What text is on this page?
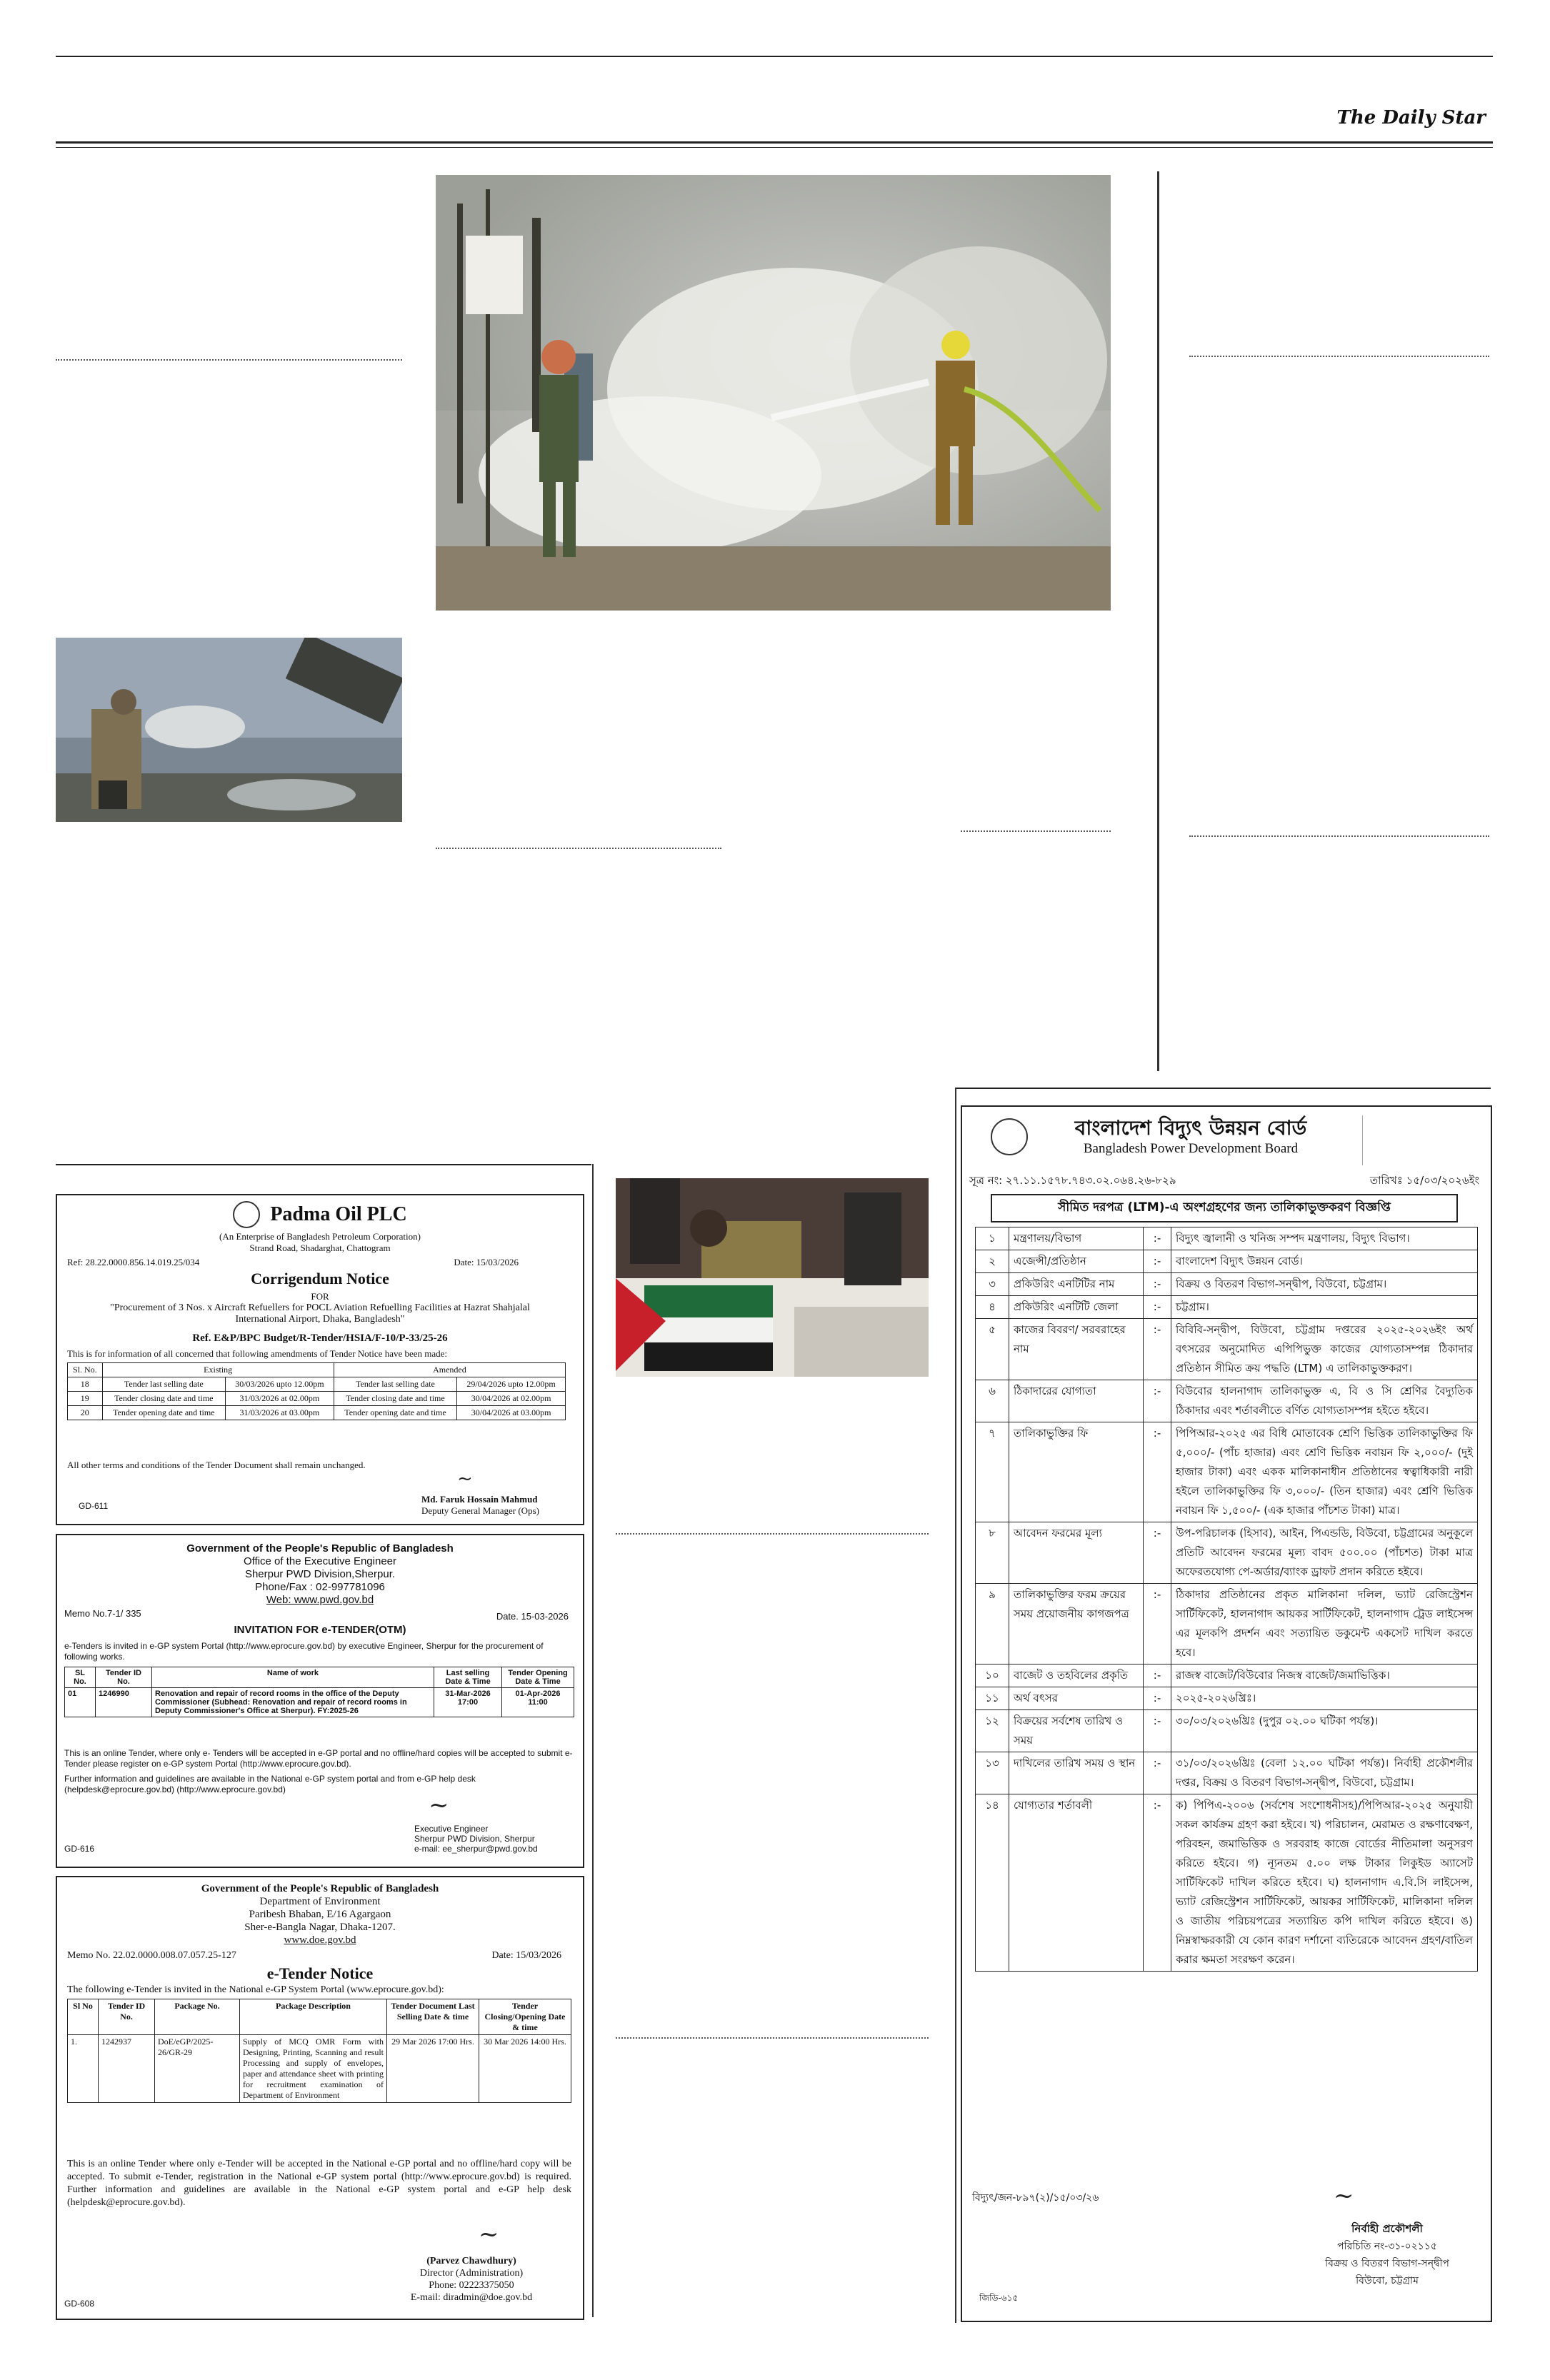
The Daily Star
Padma Oil PLC
(An Enterprise of Bangladesh Petroleum Corporation)
Strand Road, Shadarghat, Chattogram
Ref: 28.22.0000.856.14.019.25/034	Date: 15/03/2026
Corrigendum Notice
FOR
"Procurement of 3 Nos. x Aircraft Refuellers for POCL Aviation Refuelling Facilities at Hazrat Shahjalal International Airport, Dhaka, Bangladesh"
Ref. E&P/BPC Budget/R-Tender/HSIA/F-10/P-33/25-26
This is for information of all concerned that following amendments of Tender Notice have been made:
Sl. No.	Existing		Amended	
18	Tender last selling date	30/03/2026 upto 12.00pm	Tender last selling date	29/04/2026 upto 12.00pm
19	Tender closing date and time	31/03/2026 at 02.00pm	Tender closing date and time	30/04/2026 at 02.00pm
20	Tender opening date and time	31/03/2026 at 03.00pm	Tender opening date and time	30/04/2026 at 03.00pm
All other terms and conditions of the Tender Document shall remain unchanged.
~
Md. Faruk Hossain Mahmud
Deputy General Manager (Ops)
GD-611
Government of the People's Republic of Bangladesh
Office of the Executive Engineer
Sherpur PWD Division,Sherpur.
Phone/Fax : 02-997781096
Web: www.pwd.gov.bd
Memo No.7-1/ 335	Date. 15-03-2026
INVITATION FOR e-TENDER(OTM)
e-Tenders is invited in e-GP system Portal (http://www.eprocure.gov.bd) by executive Engineer, Sherpur for the procurement of following works.
SL No.	Tender ID No.	Name of work	Last selling Date & Time	Tender Opening Date & Time
01	1246990	Renovation and repair of record rooms in the office of the Deputy Commissioner (Subhead: Renovation and repair of record rooms in Deputy Commissioner's Office at Sherpur). FY:2025-26	31-Mar-2026 17:00	01-Apr-2026 11:00
This is an online Tender, where only e- Tenders will be accepted in e-GP portal and no offline/hard copies will be accepted to submit e-Tender please register on e-GP system Portal (http://www.eprocure.gov.bd).
Further information and guidelines are available in the National e-GP system portal and from e-GP help desk (helpdesk@eprocure.gov.bd) (http://www.eprocure.gov.bd)
~
Executive Engineer
Sherpur PWD Division, Sherpur
e-mail: ee_sherpur@pwd.gov.bd
GD-616
Government of the People's Republic of Bangladesh
Department of Environment
Paribesh Bhaban, E/16 Agargaon
Sher-e-Bangla Nagar, Dhaka-1207.
www.doe.gov.bd
Memo No. 22.02.0000.008.07.057.25-127	Date: 15/03/2026
e-Tender Notice
The following e-Tender is invited in the National e-GP System Portal (www.eprocure.gov.bd):
Sl No	Tender ID No.	Package No.	Package Description	Tender Document Last Selling Date & time	Tender Closing/Opening Date & time
1.	1242937	DoE/eGP/2025-26/GR-29	Supply of MCQ OMR Form with Designing, Printing, Scanning and result Processing and supply of envelopes, paper and attendance sheet with printing for recruitment examination of Department of Environment	29 Mar 2026 17:00 Hrs.	30 Mar 2026 14:00 Hrs.
This is an online Tender where only e-Tender will be accepted in the National e-GP portal and no offline/hard copy will be accepted. To submit e-Tender, registration in the National e-GP system portal (http://www.eprocure.gov.bd) is required. Further information and guidelines are available in the National e-GP system portal and e-GP help desk (helpdesk@eprocure.gov.bd).
~
(Parvez Chawdhury)
Director (Administration)
Phone: 02223375050
E-mail: diradmin@doe.gov.bd
GD-608
বাংলাদেশ বিদ্যুৎ উন্নয়ন বোর্ড
Bangladesh Power Development Board
সূত্র নং: ২৭.১১.১৫৭৮.৭৪৩.০২.০৬৪.২৬-৮২৯	তারিখঃ ১৫/০৩/২০২৬ইং
সীমিত দরপত্র (LTM)-এ অংশগ্রহণের জন্য তালিকাভুক্তকরণ বিজ্ঞপ্তি
১	মন্ত্রণালয়/বিভাগ	:-	বিদ্যুৎ জ্বালানী ও খনিজ সম্পদ মন্ত্রণালয়, বিদ্যুৎ বিভাগ।
২	এজেন্সী/প্রতিষ্ঠান	:-	বাংলাদেশ বিদ্যুৎ উন্নয়ন বোর্ড।
৩	প্রকিউরিং এনটিটির নাম	:-	বিক্রয় ও বিতরণ বিভাগ-সন্দ্বীপ, বিউবো, চট্টগ্রাম।
৪	প্রকিউরিং এনটিটি জেলা	:-	চট্টগ্রাম।
৫	কাজের বিবরণ/ সরবরাহের নাম	:-	বিবিবি-সন্দ্বীপ, বিউবো, চট্টগ্রাম দপ্তরের ২০২৫-২০২৬ইং অর্থ বৎসরের অনুমোদিত এপিপিভুক্ত কাজের যোগ্যতাসম্পন্ন ঠিকাদার প্রতিষ্ঠান সীমিত ক্রয় পদ্ধতি (LTM) এ তালিকাভুক্তকরণ।
৬	ঠিকাদারের যোগ্যতা	:-	বিউবোর হালনাগাদ তালিকাভুক্ত এ, বি ও সি শ্রেণির বৈদ্যুতিক ঠিকাদার এবং শর্তাবলীতে বর্ণিত যোগ্যতাসম্পন্ন হইতে হইবে।
৭	তালিকাভুক্তির ফি	:-	পিপিআর-২০২৫ এর বিধি মোতাবেক শ্রেণি ভিত্তিক তালিকাভুক্তির ফি ৫,০০০/- (পাঁচ হাজার) এবং শ্রেণি ভিত্তিক নবায়ন ফি ২,০০০/- (দুই হাজার টাকা) এবং একক মালিকানাধীন প্রতিষ্ঠানের স্বত্বাধিকারী নারী হইলে তালিকাভুক্তির ফি ৩,০০০/- (তিন হাজার) এবং শ্রেণি ভিত্তিক নবায়ন ফি ১,৫০০/- (এক হাজার পাঁচশত টাকা) মাত্র।
৮	আবেদন ফরমের মূল্য	:-	উপ-পরিচালক (হিসাব), আইন, পিএন্ডডি, বিউবো, চট্টগ্রামের অনুকূলে প্রতিটি আবেদন ফরমের মূল্য বাবদ ৫০০.০০ (পাঁচশত) টাকা মাত্র অফেরতযোগ্য পে-অর্ডার/ব্যাংক ড্রাফট প্রদান করিতে হইবে।
৯	তালিকাভুক্তির ফরম ক্রয়ের সময় প্রয়োজনীয় কাগজপত্র	:-	ঠিকাদার প্রতিষ্ঠানের প্রকৃত মালিকানা দলিল, ভ্যাট রেজিস্ট্রেশন সার্টিফিকেট, হালনাগাদ আয়কর সার্টিফিকেট, হালনাগাদ ট্রেড লাইসেন্স এর মূলকপি প্রদর্শন এবং সত্যায়িত ডকুমেন্ট একসেট দাখিল করতে হবে।
১০	বাজেট ও তহবিলের প্রকৃতি	:-	রাজস্ব বাজেট/বিউবোর নিজস্ব বাজেট/জমাভিত্তিক।
১১	অর্থ বৎসর	:-	২০২৫-২০২৬খ্রিঃ।
১২	বিক্রয়ের সর্বশেষ তারিখ ও সময়	:-	৩০/০৩/২০২৬খ্রিঃ (দুপুর ০২.০০ ঘটিকা পর্যন্ত)।
১৩	দাখিলের তারিখ সময় ও স্থান	:-	৩১/০৩/২০২৬খ্রিঃ (বেলা ১২.০০ ঘটিকা পর্যন্ত)। নির্বাহী প্রকৌশলীর দপ্তর, বিক্রয় ও বিতরণ বিভাগ-সন্দ্বীপ, বিউবো, চট্টগ্রাম।
১৪	যোগ্যতার শর্তাবলী	:-	ক) পিপিএ-২০০৬ (সর্বশেষ সংশোধনীসহ)/পিপিআর-২০২৫ অনুযায়ী সকল কার্যক্রম গ্রহণ করা হইবে। খ) পরিচালন, মেরামত ও রক্ষণাবেক্ষণ, পরিবহন, জমাভিত্তিক ও সরবরাহ কাজে বোর্ডের নীতিমালা অনুসরণ করিতে হইবে। গ) ন্যূনতম ৫.০০ লক্ষ টাকার লিকুইড অ্যাসেট সার্টিফিকেট দাখিল করিতে হইবে। ঘ) হালনাগাদ এ.বি.সি লাইসেন্স, ভ্যাট রেজিস্ট্রেশন সার্টিফিকেট, আয়কর সার্টিফিকেট, মালিকানা দলিল ও জাতীয় পরিচয়পত্রের সত্যায়িত কপি দাখিল করিতে হইবে। ঙ) নিম্নস্বাক্ষরকারী যে কোন কারণ দর্শানো ব্যতিরেকে আবেদন গ্রহণ/বাতিল করার ক্ষমতা সংরক্ষণ করেন।
বিদ্যুৎ/জন-৮৯৭(২)/১৫/০৩/২৬	~
নির্বাহী প্রকৌশলী
পরিচিতি নং-৩১-০২১১৫
বিক্রয় ও বিতরণ বিভাগ-সন্দ্বীপ
বিউবো, চট্টগ্রাম
জিডি-৬১৫
